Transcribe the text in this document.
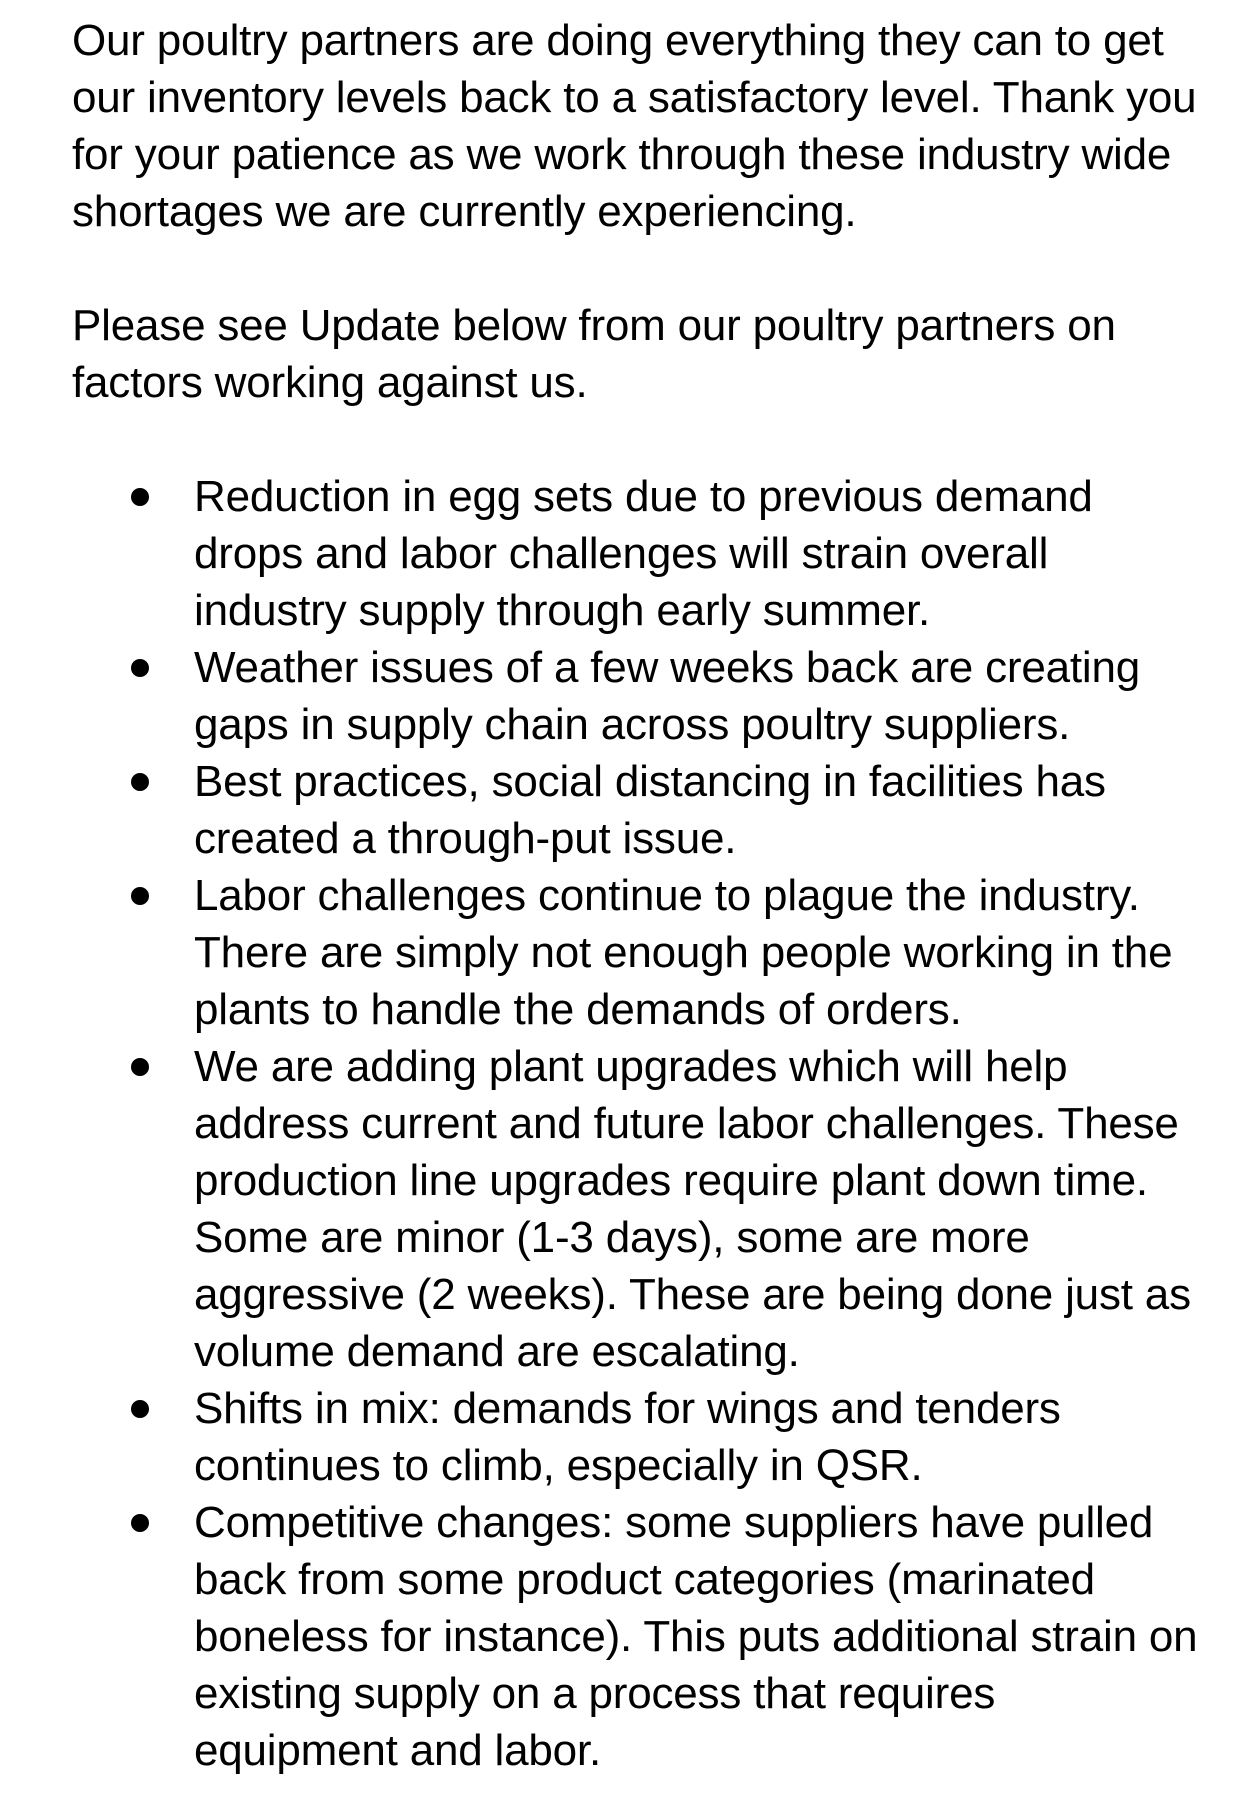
Our poultry partners are doing everything they can to get our inventory levels back to a satisfactory level. Thank you for your patience as we work through these industry wide shortages we are currently experiencing.

Please see Update below from our poultry partners on factors working against us.

Reduction in egg sets due to previous demand drops and labor challenges will strain overall industry supply through early summer.
Weather issues of a few weeks back are creating gaps in supply chain across poultry suppliers.
Best practices, social distancing in facilities has created a through-put issue.
Labor challenges continue to plague the industry. There are simply not enough people working in the plants to handle the demands of orders.
We are adding plant upgrades which will help address current and future labor challenges. These production line upgrades require plant down time. Some are minor (1-3 days), some are more aggressive (2 weeks). These are being done just as volume demand are escalating.
Shifts in mix: demands for wings and tenders continues to climb, especially in QSR.
Competitive changes: some suppliers have pulled back from some product categories (marinated boneless for instance). This puts additional strain on existing supply on a process that requires equipment and labor.
